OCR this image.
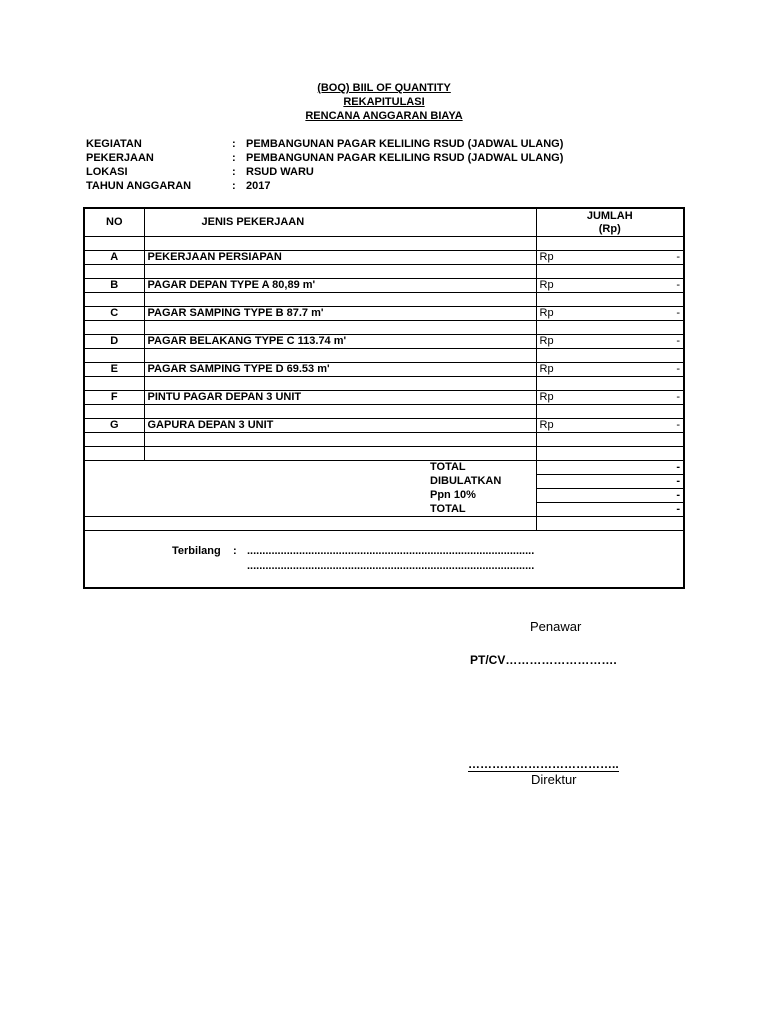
(BOQ) BIIL OF QUANTITY
REKAPITULASI
RENCANA ANGGARAN BIAYA
KEGIATAN	: PEMBANGUNAN PAGAR KELILING RSUD (JADWAL ULANG)
PEKERJAAN	: PEMBANGUNAN PAGAR KELILING RSUD (JADWAL ULANG)
LOKASI	: RSUD WARU
TAHUN ANGGARAN	: 2017
NO	JENIS PEKERJAAN	JUMLAH
(Rp)

A	PEKERJAAN PERSIAPAN	Rp -

B	PAGAR DEPAN TYPE A 80,89 m'	Rp -

C	PAGAR SAMPING TYPE B 87.7 m'	Rp -

D	PAGAR BELAKANG TYPE C 113.74 m'	Rp -

E	PAGAR SAMPING TYPE D 69.53 m'	Rp -

F	PINTU PAGAR DEPAN 3 UNIT	Rp -

G	GAPURA DEPAN 3 UNIT	Rp -

TOTAL		-
DIBULATKAN		-
Ppn 10%		-
TOTAL		-

Terbilang : ..............................................................................................
..............................................................................................
Penawar
PT/CV……………………….
………………………………..
Direktur
